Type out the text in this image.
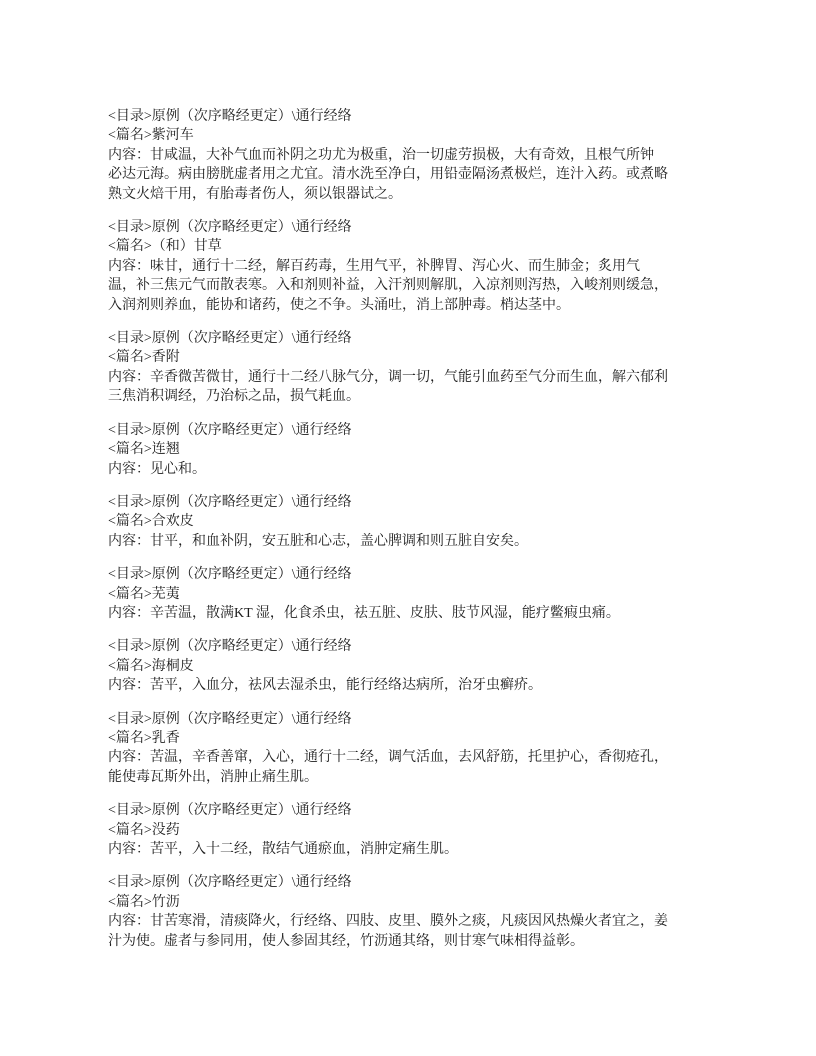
<目录>原例（次序略经更定）\通行经络
<篇名>紫河车
内容：甘咸温，大补气血而补阴之功尤为极重，治一切虚劳损极，大有奇效，且根气所钟
必达元海。病由膀胱虚者用之尤宜。清水洗至净白，用铅壶隔汤煮极烂，连汁入药。或煮略
熟文火焙干用，有胎毒者伤人，须以银器试之。
<目录>原例（次序略经更定）\通行经络
<篇名>（和）甘草
内容：味甘，通行十二经，解百药毒，生用气平，补脾胃、泻心火、而生肺金；炙用气
温，补三焦元气而散表寒。入和剂则补益，入汗剂则解肌，入凉剂则泻热，入峻剂则缓急，
入润剂则养血，能协和诸药，使之不争。头涌吐，消上部肿毒。梢达茎中。
<目录>原例（次序略经更定）\通行经络
<篇名>香附
内容：辛香微苦微甘，通行十二经八脉气分，调一切，气能引血药至气分而生血，解六郁利
三焦消积调经，乃治标之品，损气耗血。
<目录>原例（次序略经更定）\通行经络
<篇名>连翘
内容：见心和。
<目录>原例（次序略经更定）\通行经络
<篇名>合欢皮
内容：甘平，和血补阴，安五脏和心志，盖心脾调和则五脏自安矣。
<目录>原例（次序略经更定）\通行经络
<篇名>芜荑
内容：辛苦温，散满KT 湿，化食杀虫，祛五脏、皮肤、肢节风湿，能疗鳖瘕虫痛。
<目录>原例（次序略经更定）\通行经络
<篇名>海桐皮
内容：苦平，入血分，祛风去湿杀虫，能行经络达病所，治牙虫癣疥。
<目录>原例（次序略经更定）\通行经络
<篇名>乳香
内容：苦温，辛香善窜，入心，通行十二经，调气活血，去风舒筋，托里护心，香彻疮孔，
能使毒瓦斯外出，消肿止痛生肌。
<目录>原例（次序略经更定）\通行经络
<篇名>没药
内容：苦平，入十二经，散结气通瘀血，消肿定痛生肌。
<目录>原例（次序略经更定）\通行经络
<篇名>竹沥
内容：甘苦寒滑，清痰降火，行经络、四肢、皮里、膜外之痰，凡痰因风热燥火者宜之，姜
汁为使。虚者与参同用，使人参固其经，竹沥通其络，则甘寒气味相得益彰。
